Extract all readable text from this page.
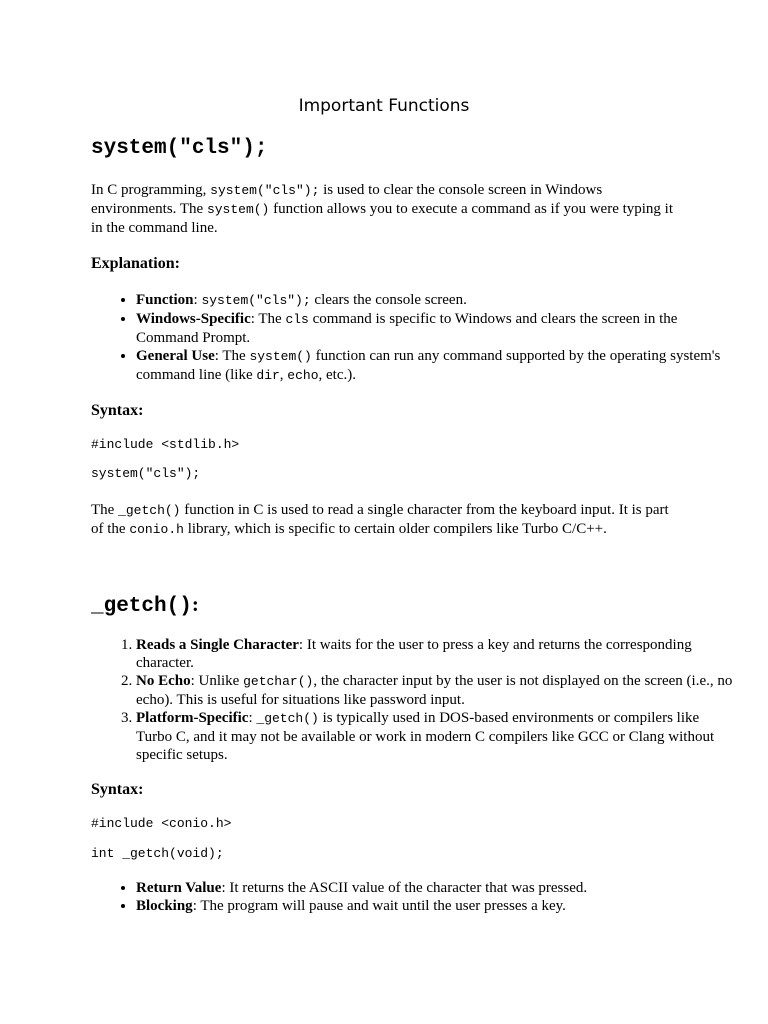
Important Functions
system("cls");
In C programming, system("cls"); is used to clear the console screen in Windows environments. The system() function allows you to execute a command as if you were typing it in the command line.
Explanation:
• Function: system("cls"); clears the console screen.
• Windows-Specific: The cls command is specific to Windows and clears the screen in the Command Prompt.
• General Use: The system() function can run any command supported by the operating system's command line (like dir, echo, etc.).
Syntax:
#include <stdlib.h>
system("cls");
The _getch() function in C is used to read a single character from the keyboard input. It is part of the conio.h library, which is specific to certain older compilers like Turbo C/C++.
_getch():
1. Reads a Single Character: It waits for the user to press a key and returns the corresponding character.
2. No Echo: Unlike getchar(), the character input by the user is not displayed on the screen (i.e., no echo). This is useful for situations like password input.
3. Platform-Specific: _getch() is typically used in DOS-based environments or compilers like Turbo C, and it may not be available or work in modern C compilers like GCC or Clang without specific setups.
Syntax:
#include <conio.h>
int _getch(void);
• Return Value: It returns the ASCII value of the character that was pressed.
• Blocking: The program will pause and wait until the user presses a key.
